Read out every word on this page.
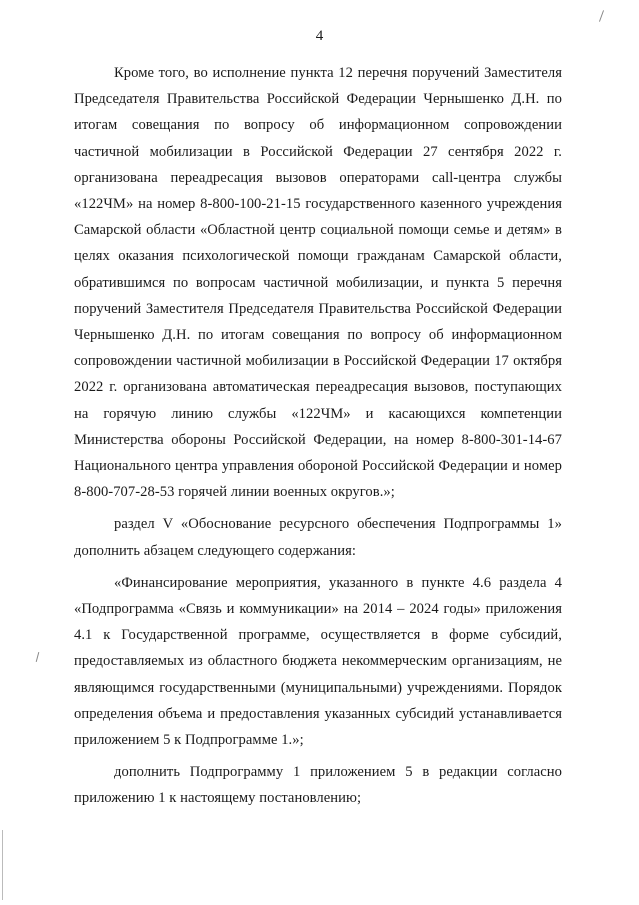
4

Кроме того, во исполнение пункта 12 перечня поручений Заместителя Председателя Правительства Российской Федерации Чернышенко Д.Н. по итогам совещания по вопросу об информационном сопровождении частичной мобилизации в Российской Федерации 27 сентября 2022 г. организована переадресация вызовов операторами call-центра службы «122ЧМ» на номер 8-800-100-21-15 государственного казенного учреждения Самарской области «Областной центр социальной помощи семье и детям» в целях оказания психологической помощи гражданам Самарской области, обратившимся по вопросам частичной мобилизации, и пункта 5 перечня поручений Заместителя Председателя Правительства Российской Федерации Чернышенко Д.Н. по итогам совещания по вопросу об информационном сопровождении частичной мобилизации в Российской Федерации 17 октября 2022 г. организована автоматическая переадресация вызовов, поступающих на горячую линию службы «122ЧМ» и касающихся компетенции Министерства обороны Российской Федерации, на номер 8-800-301-14-67 Национального центра управления обороной Российской Федерации и номер 8-800-707-28-53 горячей линии военных округов.»;

раздел V «Обоснование ресурсного обеспечения Подпрограммы 1» дополнить абзацем следующего содержания:

«Финансирование мероприятия, указанного в пункте 4.6 раздела 4 «Подпрограмма «Связь и коммуникации» на 2014 – 2024 годы» приложения 4.1 к Государственной программе, осуществляется в форме субсидий, предоставляемых из областного бюджета некоммерческим организациям, не являющимся государственными (муниципальными) учреждениями. Порядок определения объема и предоставления указанных субсидий устанавливается приложением 5 к Подпрограмме 1.»;

дополнить Подпрограмму 1 приложением 5 в редакции согласно приложению 1 к настоящему постановлению;
